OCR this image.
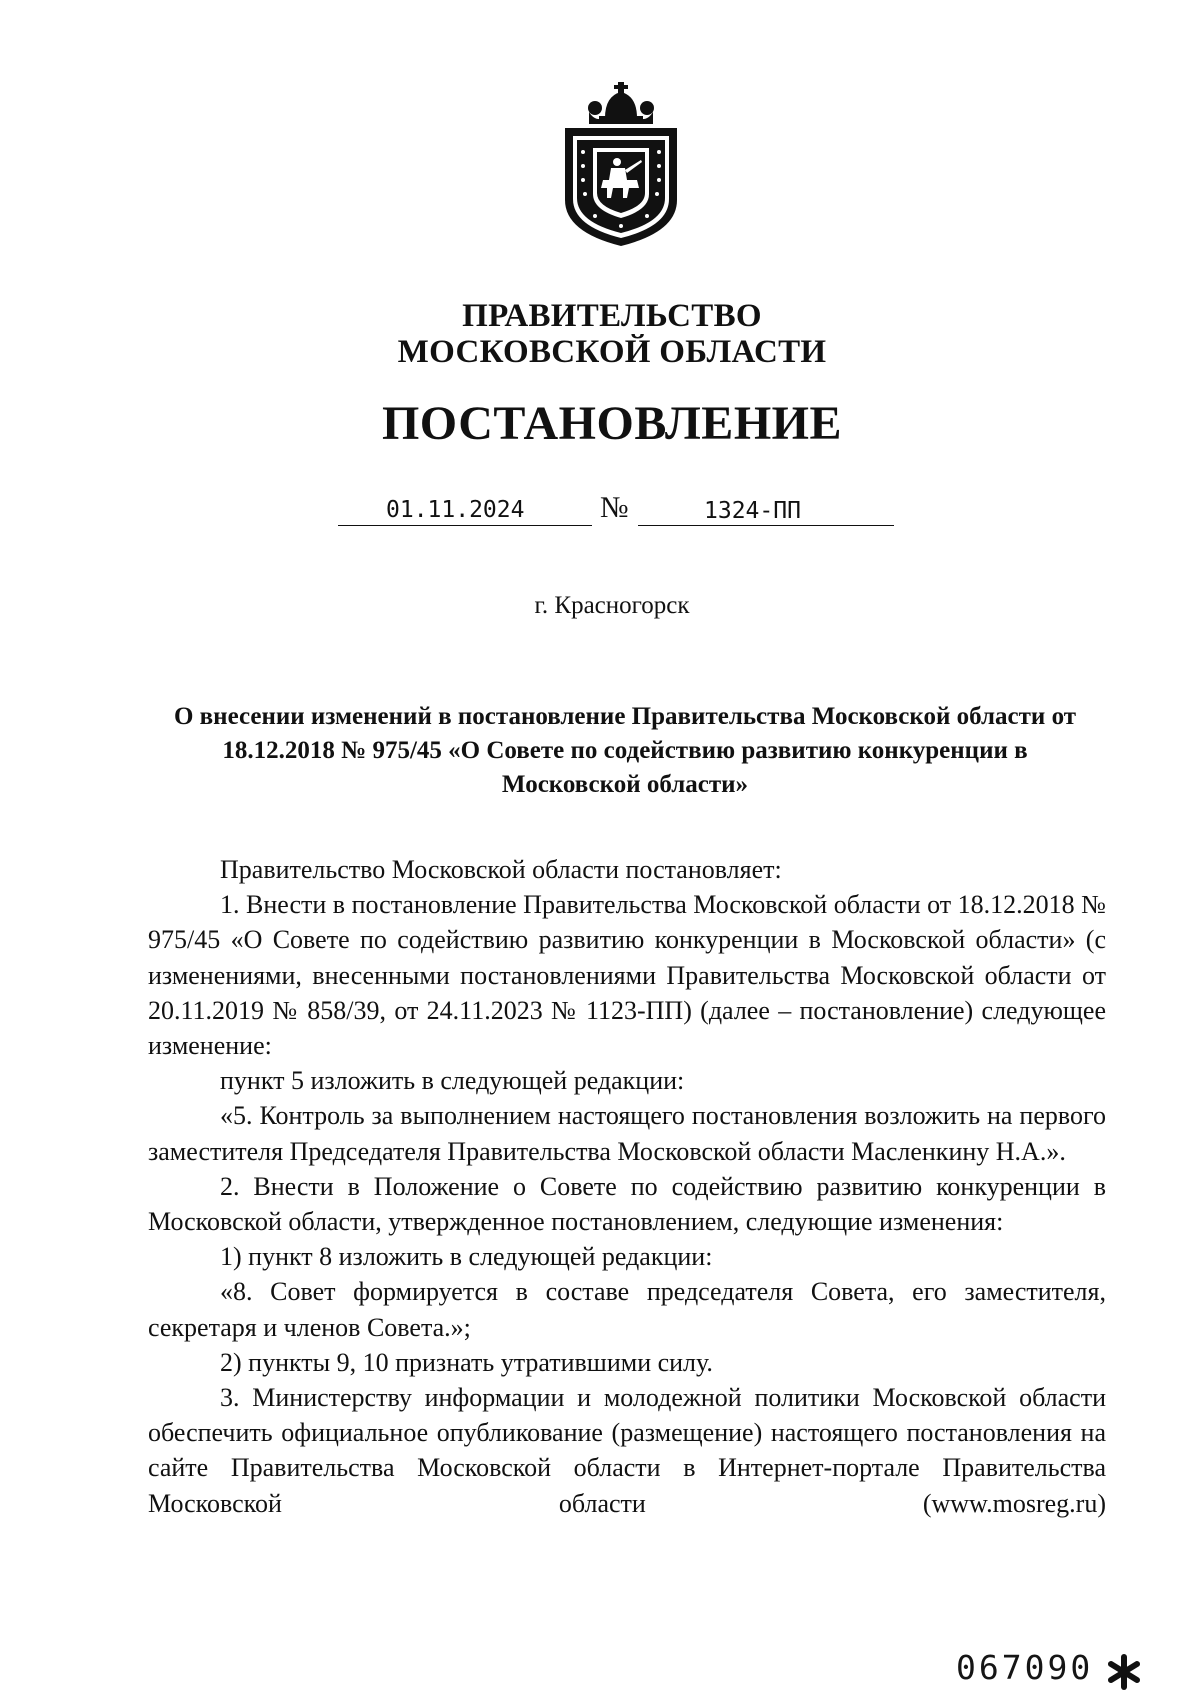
ПРАВИТЕЛЬСТВО
МОСКОВСКОЙ ОБЛАСТИ
ПОСТАНОВЛЕНИЕ
01.11.2024	№	1324-ПП
г. Красногорск
О внесении изменений в постановление Правительства Московской области от 18.12.2018 № 975/45 «О Совете по содействию развитию конкуренции в Московской области»

Правительство Московской области постановляет:

1. Внести в постановление Правительства Московской области от 18.12.2018 № 975/45 «О Совете по содействию развитию конкуренции в Московской области» (с изменениями, внесенными постановлениями Правительства Московской области от 20.11.2019 № 858/39, от 24.11.2023 № 1123-ПП) (далее – постановление) следующее изменение:

пункт 5 изложить в следующей редакции:

«5. Контроль за выполнением настоящего постановления возложить на первого заместителя Председателя Правительства Московской области Масленкину Н.А.».

2. Внести в Положение о Совете по содействию развитию конкуренции в Московской области, утвержденное постановлением, следующие изменения:

1) пункт 8 изложить в следующей редакции:

«8. Совет формируется в составе председателя Совета, его заместителя, секретаря и членов Совета.»;

2) пункты 9, 10 признать утратившими силу.

3. Министерству информации и молодежной политики Московской области обеспечить официальное опубликование (размещение) настоящего постановления на сайте Правительства Московской области в Интернет-портале Правительства Московской области (www.mosreg.ru)

067090
